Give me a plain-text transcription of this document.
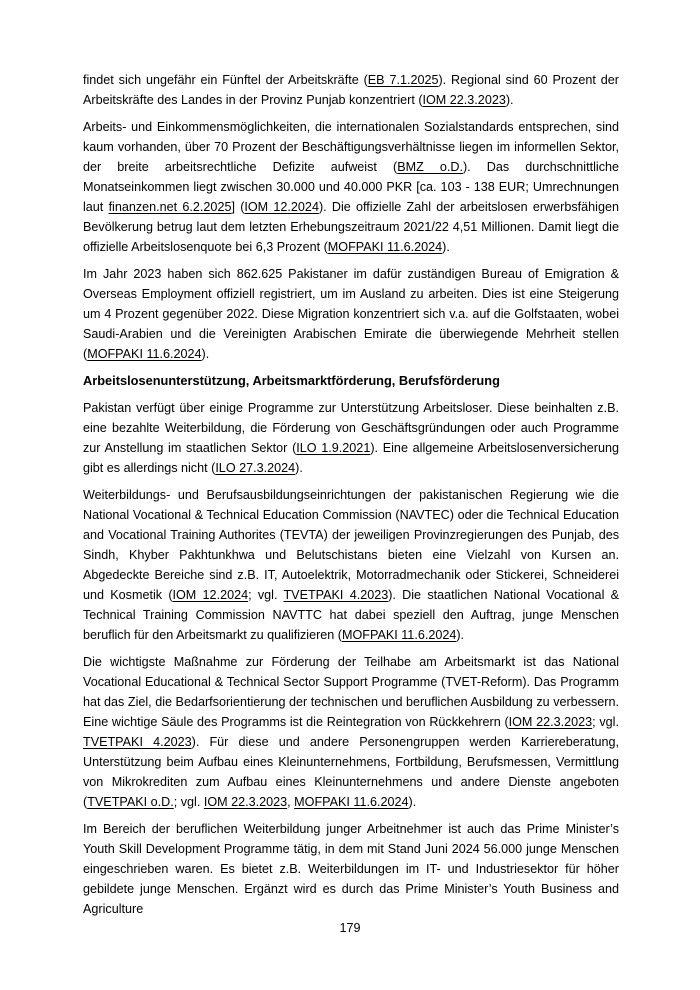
findet sich ungefähr ein Fünftel der Arbeitskräfte (EB 7.1.2025). Regional sind 60 Prozent der Arbeitskräfte des Landes in der Provinz Punjab konzentriert (IOM 22.3.2023).

Arbeits- und Einkommensmöglichkeiten, die internationalen Sozialstandards entsprechen, sind kaum vorhanden, über 70 Prozent der Beschäftigungsverhältnisse liegen im informellen Sektor, der breite arbeitsrechtliche Defizite aufweist (BMZ o.D.). Das durchschnittliche Monatseinkommen liegt zwischen 30.000 und 40.000 PKR [ca. 103 - 138 EUR; Umrechnungen laut finanzen.net 6.2.2025] (IOM 12.2024). Die offizielle Zahl der arbeitslosen erwerbsfähigen Bevölkerung betrug laut dem letzten Erhebungszeitraum 2021/22 4,51 Millionen. Damit liegt die offizielle Arbeitslosenquote bei 6,3 Prozent (MOFPAKI 11.6.2024).

Im Jahr 2023 haben sich 862.625 Pakistaner im dafür zuständigen Bureau of Emigration & Overseas Employment offiziell registriert, um im Ausland zu arbeiten. Dies ist eine Steigerung um 4 Prozent gegenüber 2022. Diese Migration konzentriert sich v.a. auf die Golfstaaten, wobei Saudi-Arabien und die Vereinigten Arabischen Emirate die überwiegende Mehrheit stellen (MOFPAKI 11.6.2024).

Arbeitslosenunterstützung, Arbeitsmarktförderung, Berufsförderung

Pakistan verfügt über einige Programme zur Unterstützung Arbeitsloser. Diese beinhalten z.B. eine bezahlte Weiterbildung, die Förderung von Geschäftsgründungen oder auch Programme zur Anstellung im staatlichen Sektor (ILO 1.9.2021). Eine allgemeine Arbeitslosenversicherung gibt es allerdings nicht (ILO 27.3.2024).

Weiterbildungs- und Berufsausbildungseinrichtungen der pakistanischen Regierung wie die National Vocational & Technical Education Commission (NAVTEC) oder die Technical Education and Vocational Training Authorites (TEVTA) der jeweiligen Provinzregierungen des Punjab, des Sindh, Khyber Pakhtunkhwa und Belutschistans bieten eine Vielzahl von Kursen an. Abgedeckte Bereiche sind z.B. IT, Autoelektrik, Motorradmechanik oder Stickerei, Schneiderei und Kosmetik (IOM 12.2024; vgl. TVETPAKI 4.2023). Die staatlichen National Vocational & Technical Training Commission NAVTTC hat dabei speziell den Auftrag, junge Menschen beruflich für den Arbeitsmarkt zu qualifizieren (MOFPAKI 11.6.2024).

Die wichtigste Maßnahme zur Förderung der Teilhabe am Arbeitsmarkt ist das National Vocational Educational & Technical Sector Support Programme (TVET-Reform). Das Programm hat das Ziel, die Bedarfsorientierung der technischen und beruflichen Ausbildung zu verbessern. Eine wichtige Säule des Programms ist die Reintegration von Rückkehrern (IOM 22.3.2023; vgl. TVETPAKI 4.2023). Für diese und andere Personengruppen werden Karriereberatung, Unterstützung beim Aufbau eines Kleinunternehmens, Fortbildung, Berufsmessen, Vermittlung von Mikrokrediten zum Aufbau eines Kleinunternehmens und andere Dienste angeboten (TVETPAKI o.D.; vgl. IOM 22.3.2023, MOFPAKI 11.6.2024).

Im Bereich der beruflichen Weiterbildung junger Arbeitnehmer ist auch das Prime Minister’s Youth Skill Development Programme tätig, in dem mit Stand Juni 2024 56.000 junge Menschen eingeschrieben waren. Es bietet z.B. Weiterbildungen im IT- und Industriesektor für höher gebildete junge Menschen. Ergänzt wird es durch das Prime Minister’s Youth Business and Agriculture

179
